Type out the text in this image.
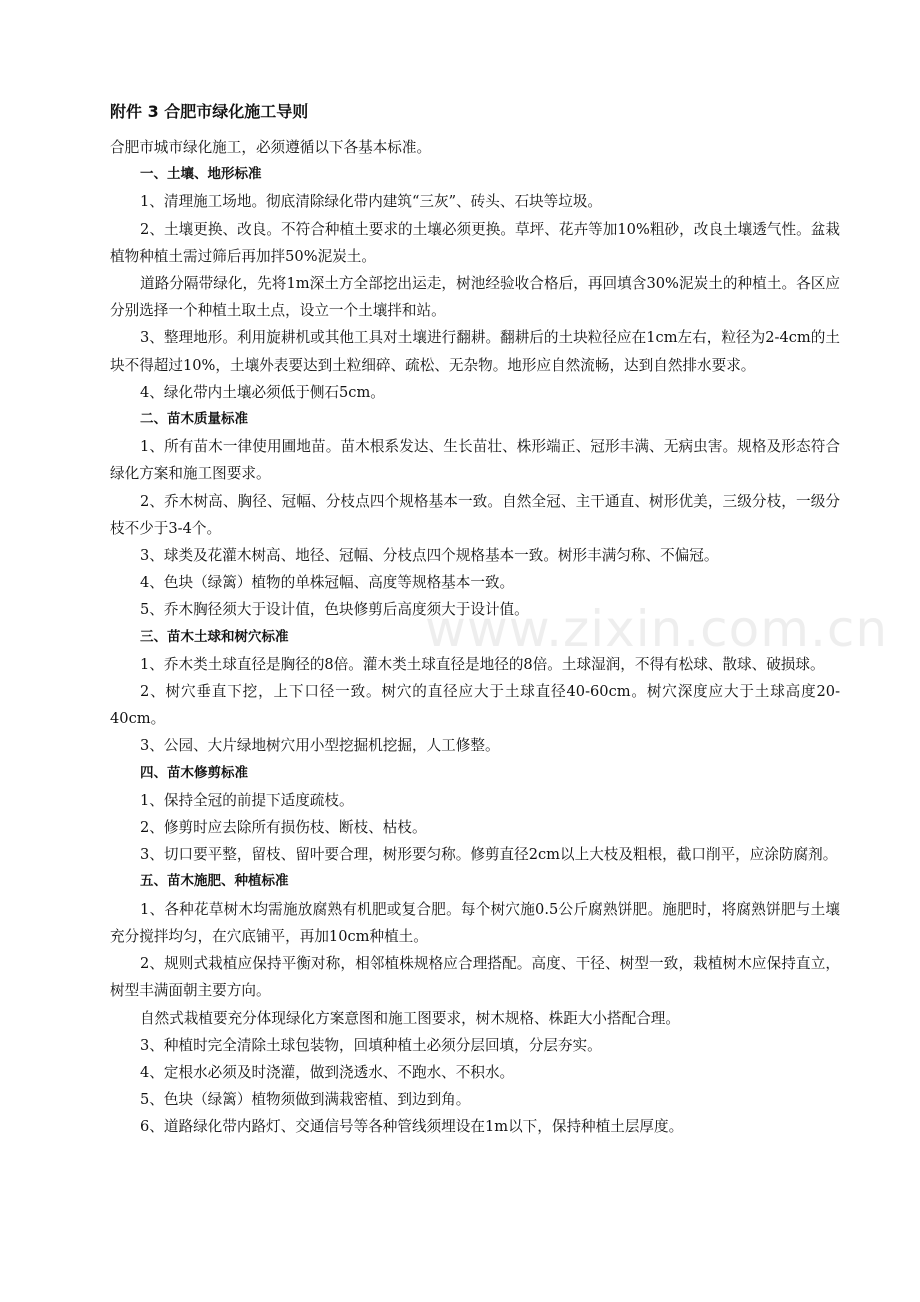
附件 3 合肥市绿化施工导则

合肥市城市绿化施工，必须遵循以下各基本标准。

一、土壤、地形标准

1、清理施工场地。彻底清除绿化带内建筑“三灰”、砖头、石块等垃圾。

2、土壤更换、改良。不符合种植土要求的土壤必须更换。草坪、花卉等加10%粗砂，改良土壤透气性。盆栽植物种植土需过筛后再加拌50%泥炭土。

道路分隔带绿化，先将1m深土方全部挖出运走，树池经验收合格后，再回填含30%泥炭土的种植土。各区应分别选择一个种植土取土点，设立一个土壤拌和站。

3、整理地形。利用旋耕机或其他工具对土壤进行翻耕。翻耕后的土块粒径应在1cm左右，粒径为2-4cm的土块不得超过10%，土壤外表要达到土粒细碎、疏松、无杂物。地形应自然流畅，达到自然排水要求。

4、绿化带内土壤必须低于侧石5cm。

二、苗木质量标准

1、所有苗木一律使用圃地苗。苗木根系发达、生长苗壮、株形端正、冠形丰满、无病虫害。规格及形态符合绿化方案和施工图要求。

2、乔木树高、胸径、冠幅、分枝点四个规格基本一致。自然全冠、主干通直、树形优美，三级分枝，一级分枝不少于3-4个。

3、球类及花灌木树高、地径、冠幅、分枝点四个规格基本一致。树形丰满匀称、不偏冠。

4、色块（绿篱）植物的单株冠幅、高度等规格基本一致。

5、乔木胸径须大于设计值，色块修剪后高度须大于设计值。

三、苗木土球和树穴标准

1、乔木类土球直径是胸径的8倍。灌木类土球直径是地径的8倍。土球湿润，不得有松球、散球、破损球。

2、树穴垂直下挖，上下口径一致。树穴的直径应大于土球直径40-60cm。树穴深度应大于土球高度20-40cm。

3、公园、大片绿地树穴用小型挖掘机挖掘，人工修整。

四、苗木修剪标准

1、保持全冠的前提下适度疏枝。

2、修剪时应去除所有损伤枝、断枝、枯枝。

3、切口要平整，留枝、留叶要合理，树形要匀称。修剪直径2cm以上大枝及粗根，截口削平，应涂防腐剂。

五、苗木施肥、种植标准

1、各种花草树木均需施放腐熟有机肥或复合肥。每个树穴施0.5公斤腐熟饼肥。施肥时，将腐熟饼肥与土壤充分搅拌均匀，在穴底铺平，再加10cm种植土。

2、规则式栽植应保持平衡对称，相邻植株规格应合理搭配。高度、干径、树型一致，栽植树木应保持直立，树型丰满面朝主要方向。

自然式栽植要充分体现绿化方案意图和施工图要求，树木规格、株距大小搭配合理。

3、种植时完全清除土球包装物，回填种植土必须分层回填，分层夯实。

4、定根水必须及时浇灌，做到浇透水、不跑水、不积水。

5、色块（绿篱）植物须做到满栽密植、到边到角。

6、道路绿化带内路灯、交通信号等各种管线须埋设在1m以下，保持种植土层厚度。

www.zixin.com.cn
